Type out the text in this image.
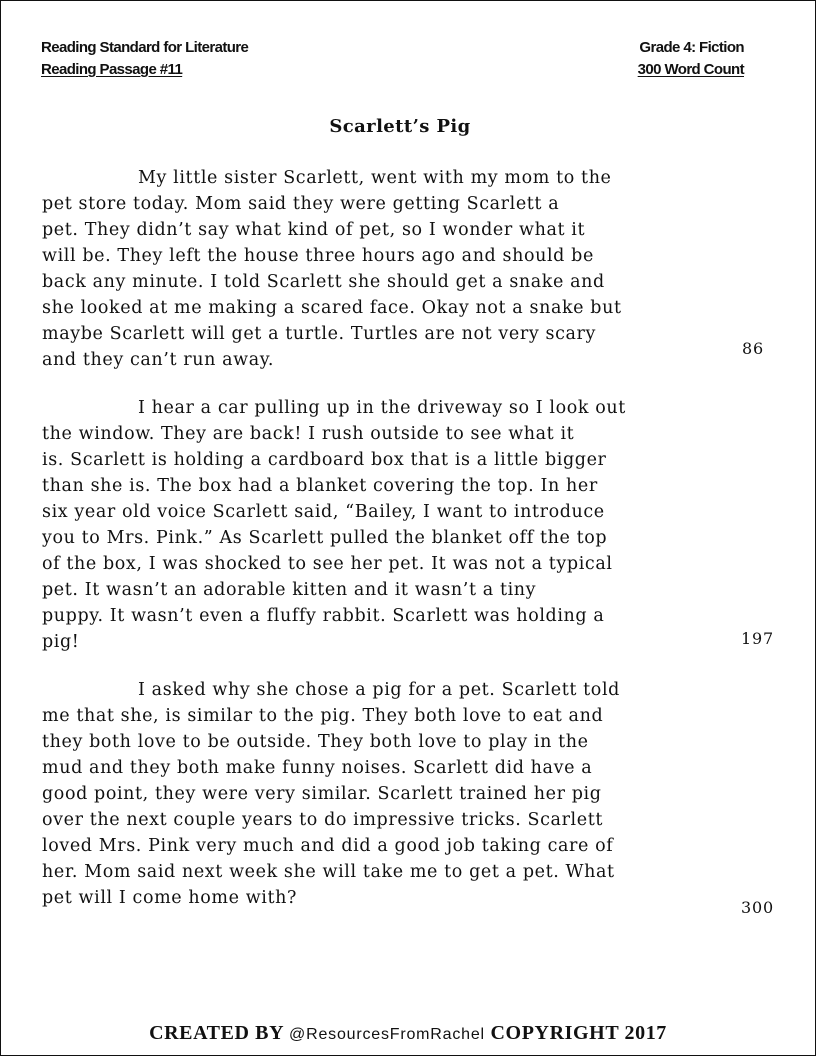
Reading Standard for Literature
Reading Passage #11
Grade 4: Fiction
300 Word Count
Scarlett’s Pig
My little sister Scarlett, went with my mom to the
pet store today. Mom said they were getting Scarlett a
pet. They didn’t say what kind of pet, so I wonder what it
will be. They left the house three hours ago and should be
back any minute. I told Scarlett she should get a snake and
she looked at me making a scared face. Okay not a snake but
maybe Scarlett will get a turtle. Turtles are not very scary
and they can’t run away.
86
I hear a car pulling up in the driveway so I look out
the window. They are back! I rush outside to see what it
is. Scarlett is holding a cardboard box that is a little bigger
than she is. The box had a blanket covering the top. In her
six year old voice Scarlett said, “Bailey, I want to introduce
you to Mrs. Pink.” As Scarlett pulled the blanket off the top
of the box, I was shocked to see her pet. It was not a typical
pet. It wasn’t an adorable kitten and it wasn’t a tiny
puppy. It wasn’t even a fluffy rabbit. Scarlett was holding a
pig!	197
I asked why she chose a pig for a pet. Scarlett told
me that she, is similar to the pig. They both love to eat and
they both love to be outside. They both love to play in the
mud and they both make funny noises. Scarlett did have a
good point, they were very similar. Scarlett trained her pig
over the next couple years to do impressive tricks. Scarlett
loved Mrs. Pink very much and did a good job taking care of
her. Mom said next week she will take me to get a pet. What
pet will I come home with?	300
CREATED BY @ResourcesFromRachel COPYRIGHT 2017
